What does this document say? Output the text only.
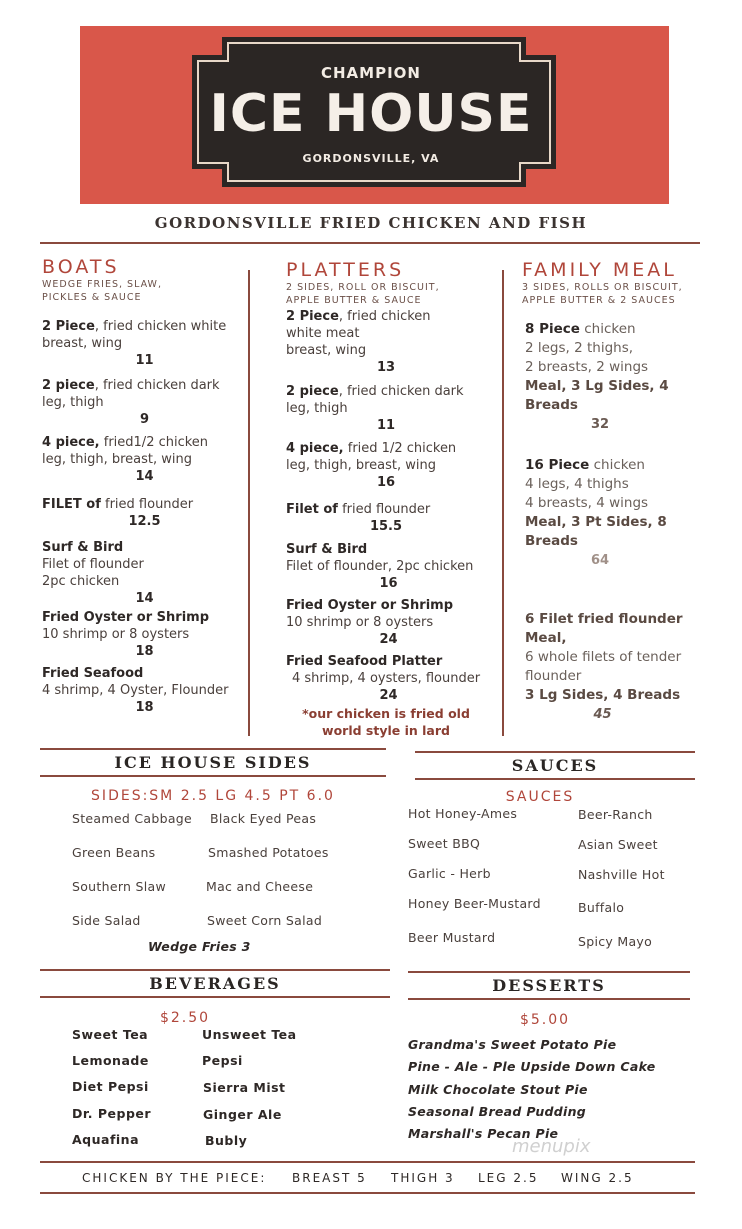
CHAMPION
ICE HOUSE
GORDONSVILLE, VA
GORDONSVILLE FRIED CHICKEN AND FISH
BOATS
WEDGE FRIES, SLAW,
PICKLES & SAUCE
2 Piece, fried chicken white
breast, wing
11
2 piece, fried chicken dark
leg, thigh
9
4 piece, fried1/2 chicken
leg, thigh, breast, wing
14
FILET of fried flounder
12.5
Surf & Bird
Filet of flounder
2pc chicken
14
Fried Oyster or Shrimp
10 shrimp or 8 oysters
18
Fried Seafood
4 shrimp, 4 Oyster, Flounder
18
PLATTERS
2 SIDES, ROLL OR BISCUIT,
APPLE BUTTER & SAUCE
2 Piece, fried chicken
white meat
breast, wing
13
2 piece, fried chicken dark
leg, thigh
11
4 piece, fried 1/2 chicken
leg, thigh, breast, wing
16
Filet of fried flounder
15.5
Surf & Bird
Filet of flounder, 2pc chicken
16
Fried Oyster or Shrimp
10 shrimp or 8 oysters
24
Fried Seafood Platter
4 shrimp, 4 oysters, flounder
24
*our chicken is fried old
world style in lard
FAMILY MEAL
3 SIDES, ROLLS OR BISCUIT,
APPLE BUTTER & 2 SAUCES
8 Piece chicken
2 legs, 2 thighs,
2 breasts, 2 wings
Meal, 3 Lg Sides, 4
Breads
32
16 Piece chicken
4 legs, 4 thighs
4 breasts, 4 wings
Meal, 3 Pt Sides, 8
Breads
64
6 Filet fried flounder
Meal,
6 whole filets of tender
flounder
3 Lg Sides, 4 Breads
45
ICE HOUSE SIDES
SIDES:SM 2.5 LG 4.5 PT 6.0
Steamed Cabbage
Green Beans
Southern Slaw
Side Salad
Black Eyed Peas
Smashed Potatoes
Mac and Cheese
Sweet Corn Salad
Wedge Fries 3
SAUCES
SAUCES
Hot Honey-Ames
Sweet BBQ
Garlic - Herb
Honey Beer-Mustard
Beer Mustard
Beer-Ranch
Asian Sweet
Nashville Hot
Buffalo
Spicy Mayo
BEVERAGES
$2.50
Sweet Tea
Lemonade
Diet Pepsi
Dr. Pepper
Aquafina
Unsweet Tea
Pepsi
Sierra Mist
Ginger Ale
Bubly
DESSERTS
$5.00
Grandma's Sweet Potato Pie
Pine - Ale - Ple Upside Down Cake
Milk Chocolate Stout Pie
Seasonal Bread Pudding
Marshall's Pecan Pie
menupix
CHICKEN BY THE PIECE: BREAST 5 THIGH 3 LEG 2.5 WING 2.5
